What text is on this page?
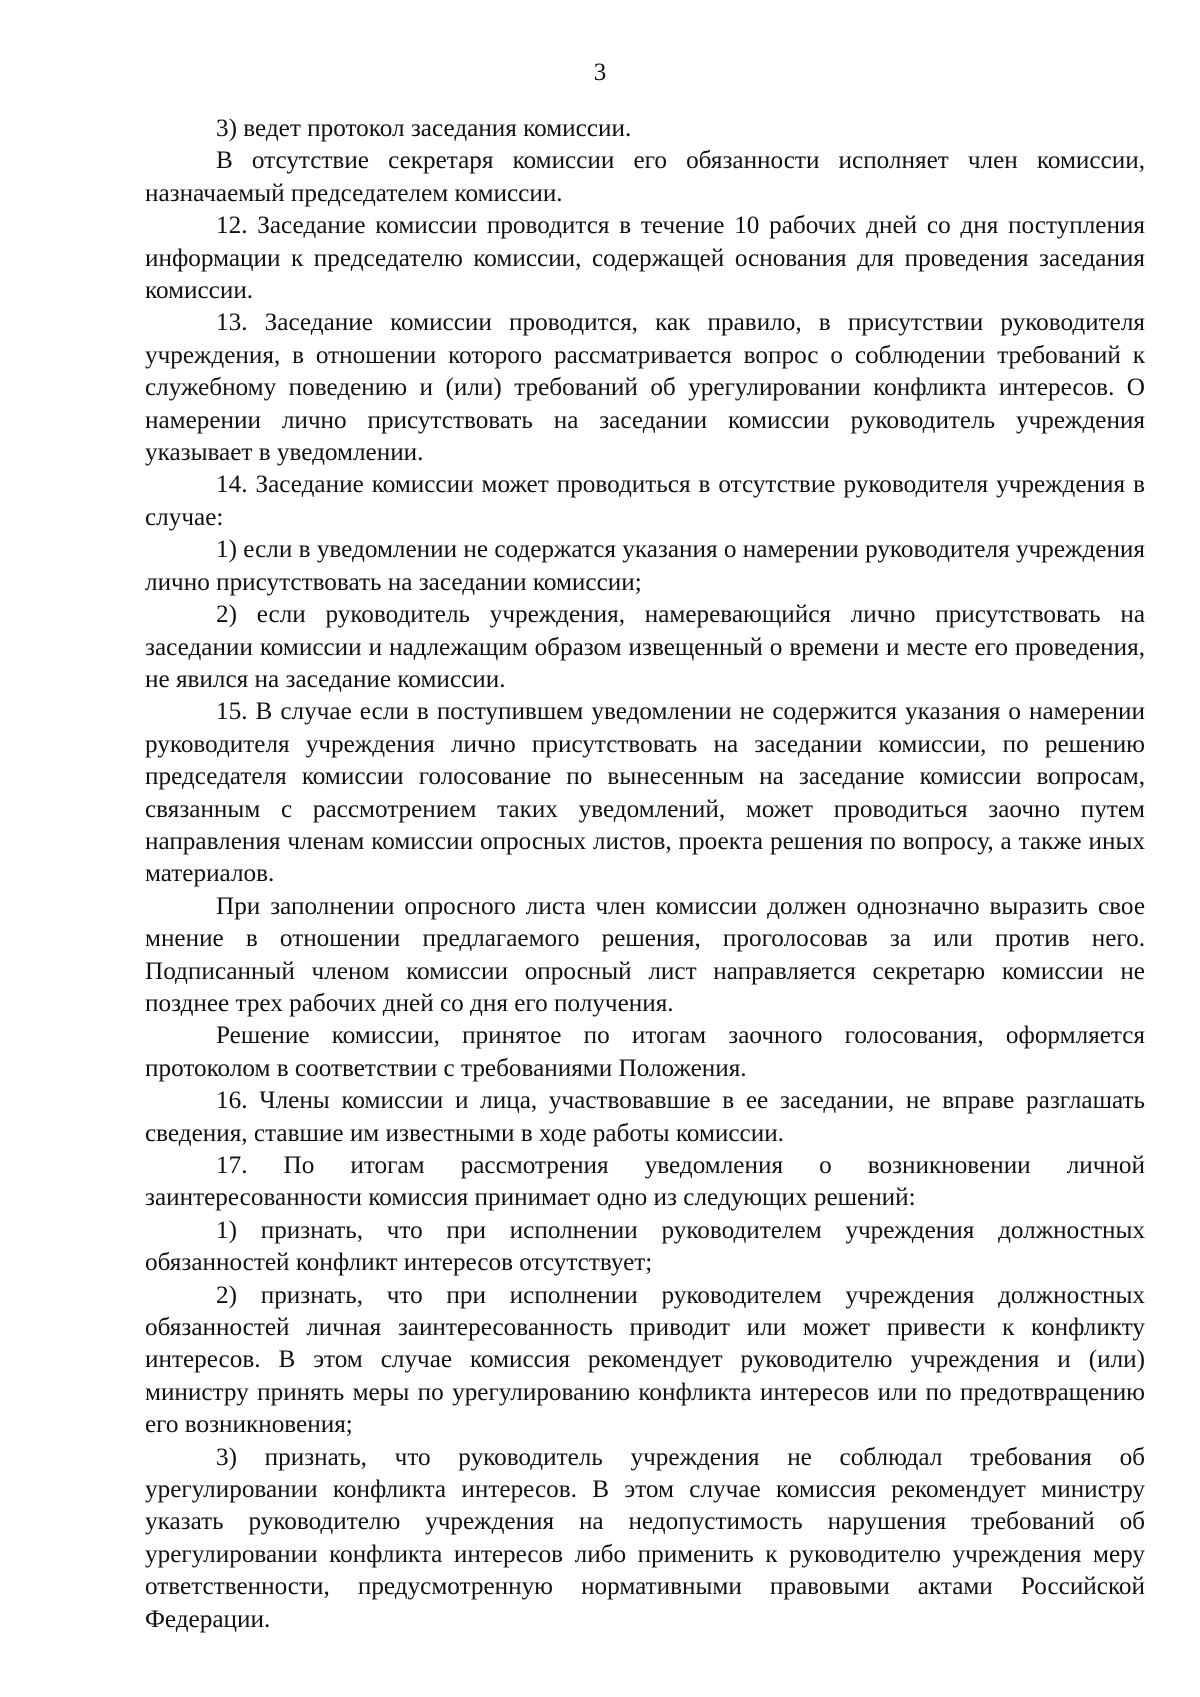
3

3) ведет протокол заседания комиссии.

В отсутствие секретаря комиссии его обязанности исполняет член комиссии, назначаемый председателем комиссии.

12. Заседание комиссии проводится в течение 10 рабочих дней со дня поступления информации к председателю комиссии, содержащей основания для проведения заседания комиссии.

13. Заседание комиссии проводится, как правило, в присутствии руководителя учреждения, в отношении которого рассматривается вопрос о соблюдении требований к служебному поведению и (или) требований об урегулировании конфликта интересов. О намерении лично присутствовать на заседании комиссии руководитель учреждения указывает в уведомлении.

14. Заседание комиссии может проводиться в отсутствие руководителя учреждения в случае:

1) если в уведомлении не содержатся указания о намерении руководителя учреждения лично присутствовать на заседании комиссии;

2) если руководитель учреждения, намеревающийся лично присутствовать на заседании комиссии и надлежащим образом извещенный о времени и месте его проведения, не явился на заседание комиссии.

15. В случае если в поступившем уведомлении не содержится указания о намерении руководителя учреждения лично присутствовать на заседании комиссии, по решению председателя комиссии голосование по вынесенным на заседание комиссии вопросам, связанным с рассмотрением таких уведомлений, может проводиться заочно путем направления членам комиссии опросных листов, проекта решения по вопросу, а также иных материалов.

При заполнении опросного листа член комиссии должен однозначно выразить свое мнение в отношении предлагаемого решения, проголосовав за или против него. Подписанный членом комиссии опросный лист направляется секретарю комиссии не позднее трех рабочих дней со дня его получения.

Решение комиссии, принятое по итогам заочного голосования, оформляется протоколом в соответствии с требованиями Положения.

16. Члены комиссии и лица, участвовавшие в ее заседании, не вправе разглашать сведения, ставшие им известными в ходе работы комиссии.

17. По итогам рассмотрения уведомления о возникновении личной заинтересованности комиссия принимает одно из следующих решений:

1) признать, что при исполнении руководителем учреждения должностных обязанностей конфликт интересов отсутствует;

2) признать, что при исполнении руководителем учреждения должностных обязанностей личная заинтересованность приводит или может привести к конфликту интересов. В этом случае комиссия рекомендует руководителю учреждения и (или) министру принять меры по урегулированию конфликта интересов или по предотвращению его возникновения;

3) признать, что руководитель учреждения не соблюдал требования об урегулировании конфликта интересов. В этом случае комиссия рекомендует министру указать руководителю учреждения на недопустимость нарушения требований об урегулировании конфликта интересов либо применить к руководителю учреждения меру ответственности, предусмотренную нормативными правовыми актами Российской Федерации.
